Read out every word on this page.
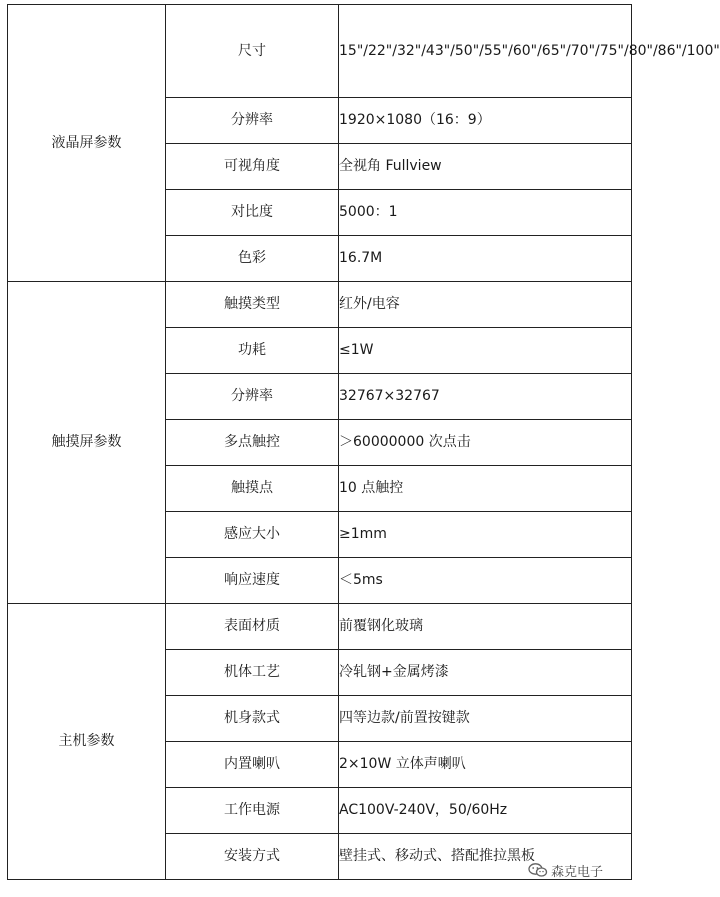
液晶屏参数	尺寸	15"/22"/32"/43"/50"/55"/60"/65"/70"/75"/80"/86"/100"
	分辨率	1920×1080（16：9）
	可视角度	全视角 Fullview
	对比度	5000：1
	色彩	16.7M
触摸屏参数	触摸类型	红外/电容
	功耗	≤1W
	分辨率	32767×32767
	多点触控	＞60000000 次点击
	触摸点	10 点触控
	感应大小	≥1mm
	响应速度	＜5ms
主机参数	表面材质	前覆钢化玻璃
	机体工艺	冷轧钢+金属烤漆
	机身款式	四等边款/前置按键款
	内置喇叭	2×10W 立体声喇叭
	工作电源	AC100V-240V，50/60Hz
	安装方式	壁挂式、移动式、搭配推拉黑板
森克电子
